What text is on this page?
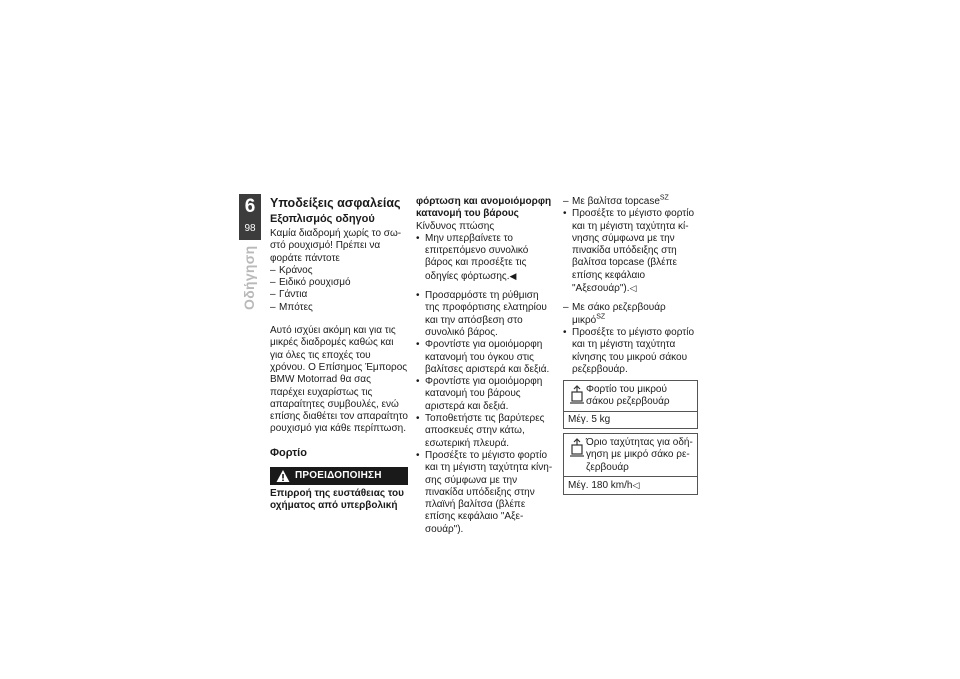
6
98
Οδήγηση
Υποδείξεις ασφαλείας
Εξοπλισμός οδηγού

Καμία διαδρομή χωρίς το σωστό ρουχισμό! Πρέπει να φοράτε πάντοτε

– Κράνος
– Ειδικό ρουχισμό
– Γάντια
– Μπότες

Αυτό ισχύει ακόμη και για τις μικρές διαδρομές καθώς και για όλες τις εποχές του χρόνου. Ο Επίσημος Έμπορος BMW Motorrad θα σας παρέχει ευχαρίστως τις απαραίτητες συμβουλές, ενώ επίσης διαθέτει τον απαραίτητο ρουχισμό για κάθε περίπτωση.

Φορτίο
ΠΡΟΕΙΔΟΠΟΙΗΣΗ

Επιρροή της ευστάθειας του οχήματος από υπερβολική

φόρτωση και ανομοιόμορφη κατανομή του βάρους

Κίνδυνος πτώσης

• Μην υπερβαίνετε το επιτρεπόμενο συνολικό βάρος και προσέξτε τις οδηγίες φόρτωσης.◀
• Προσαρμόστε τη ρύθμιση της προφόρτισης ελατηρίου και την απόσβεση στο συνολικό βάρος.
• Φροντίστε για ομοιόμορφη κατανομή του όγκου στις βαλίτσες αριστερά και δεξιά.
• Φροντίστε για ομοιόμορφη κατανομή του βάρους αριστερά και δεξιά.
• Τοποθετήστε τις βαρύτερες αποσκευές στην κάτω, εσωτερική πλευρά.
• Προσέξτε το μέγιστο φορτίο και τη μέγιστη ταχύτητα κίνησης σύμφωνα με την πινακίδα υπόδειξης στην πλαϊνή βαλίτσα (βλέπε επίσης κεφάλαιο "Αξεσουάρ").
– Με βαλίτσα topcase$^{SZ}$
• Προσέξτε το μέγιστο φορτίο και τη μέγιστη ταχύτητα κίνησης σύμφωνα με την πινακίδα υπόδειξης στη βαλίτσα topcase (βλέπε επίσης κεφάλαιο "Αξεσουάρ").◁
– Με σάκο ρεζερβουάρ μικρό$^{SZ}$
• Προσέξτε το μέγιστο φορτίο και τη μέγιστη ταχύτητα κίνησης του μικρού σάκου ρεζερβουάρ.
Φορτίο του μικρού σάκου ρεζερβουάρ
Μέγ. 5 kg
Όριο ταχύτητας για οδήγηση με μικρό σάκο ρεζερβουάρ
Μέγ. 180 km/h◁
